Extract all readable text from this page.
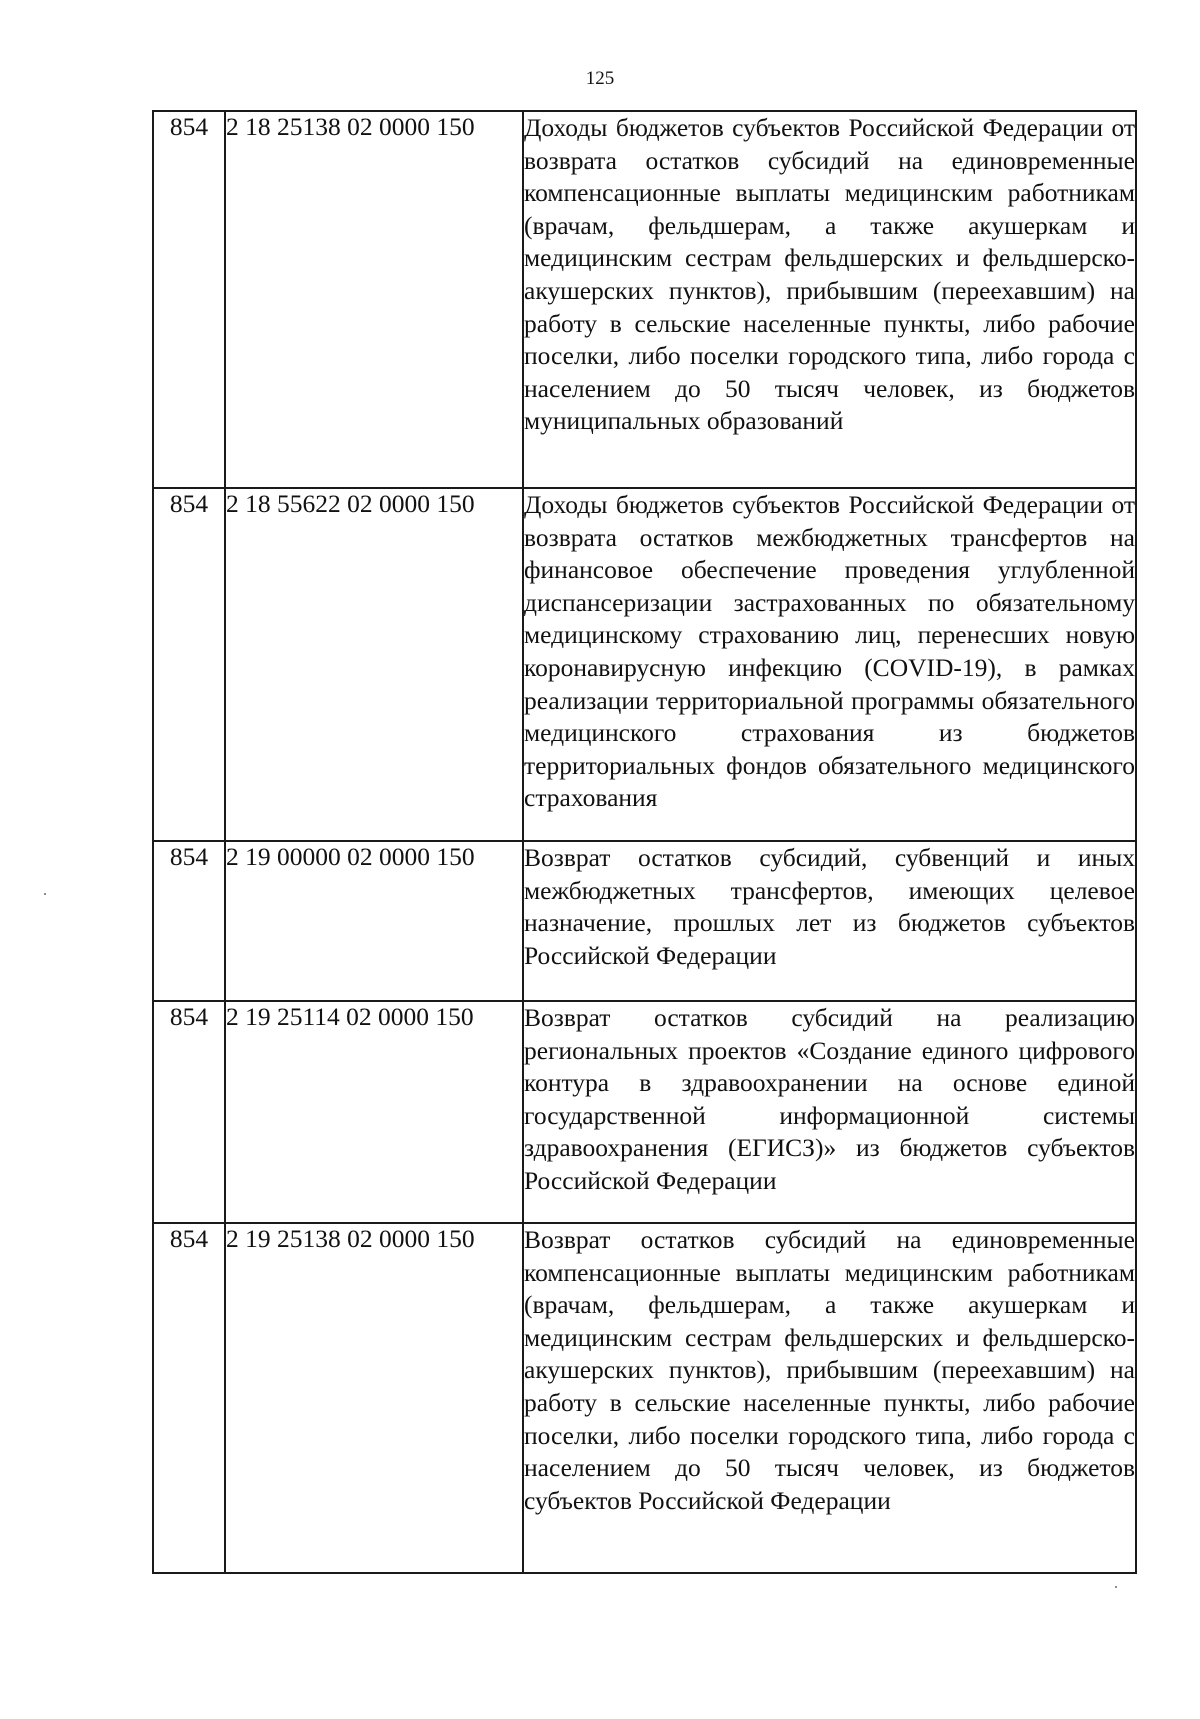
125
854	2 18 25138 02 0000 150	Доходы бюджетов субъектов Российской Федерации от возврата остатков субсидий на единовременные компенсационные выплаты медицинским работникам (врачам, фельдшерам, а также акушеркам и медицинским сестрам фельдшерских и фельдшерско-акушерских пунктов), прибывшим (переехавшим) на работу в сельские населенные пункты, либо рабочие поселки, либо поселки городского типа, либо города с населением до 50 тысяч человек, из бюджетов муниципальных образований
854	2 18 55622 02 0000 150	Доходы бюджетов субъектов Российской Федерации от возврата остатков межбюджетных трансфертов на финансовое обеспечение проведения углубленной диспансеризации застрахованных по обязательному медицинскому страхованию лиц, перенесших новую коронавирусную инфекцию (COVID-19), в рамках реализации территориальной программы обязательного медицинского страхования из бюджетов территориальных фондов обязательного медицинского страхования
854	2 19 00000 02 0000 150	Возврат остатков субсидий, субвенций и иных межбюджетных трансфертов, имеющих целевое назначение, прошлых лет из бюджетов субъектов Российской Федерации
854	2 19 25114 02 0000 150	Возврат остатков субсидий на реализацию региональных проектов «Создание единого цифрового контура в здравоохранении на основе единой государственной информационной системы здравоохранения (ЕГИСЗ)» из бюджетов субъектов Российской Федерации
854	2 19 25138 02 0000 150	Возврат остатков субсидий на единовременные компенсационные выплаты медицинским работникам (врачам, фельдшерам, а также акушеркам и медицинским сестрам фельдшерских и фельдшерско-акушерских пунктов), прибывшим (переехавшим) на работу в сельские населенные пункты, либо рабочие поселки, либо поселки городского типа, либо города с населением до 50 тысяч человек, из бюджетов субъектов Российской Федерации
